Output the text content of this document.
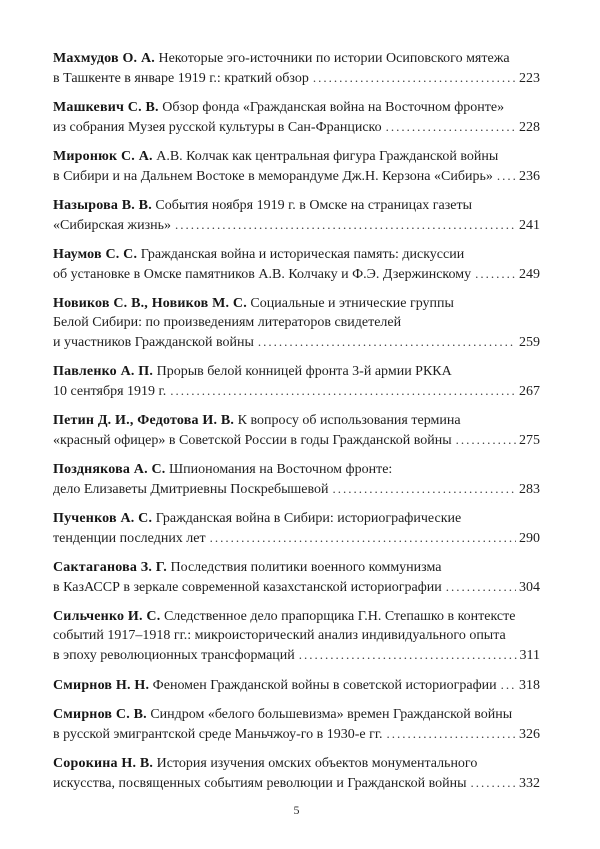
Махмудов О. А. Некоторые эго-источники по истории Осиповского мятежа
в Ташкенте в январе 1919 г.: краткий обзор .....	223
Машкевич С. В. Обзор фонда «Гражданская война на Восточном фронте»
из собрания Музея русской культуры в Сан-Франциско .....	228
Миронюк С. А. А.В. Колчак как центральная фигура Гражданской войны
в Сибири и на Дальнем Востоке в меморандуме Дж.Н. Керзона «Сибирь» ..... 236
Назырова В. В. События ноября 1919 г. в Омске на страницах газеты
«Сибирская жизнь» .....	241
Наумов С. С. Гражданская война и историческая память: дискуссии
об установке в Омске памятников А.В. Колчаку и Ф.Э. Дзержинскому .....	249
Новиков С. В., Новиков М. С. Социальные и этнические группы
Белой Сибири: по произведениям литераторов свидетелей
и участников Гражданской войны .....	259
Павленко А. П. Прорыв белой конницей фронта 3-й армии РККА
10 сентября 1919 г. .....	267
Петин Д. И., Федотова И. В. К вопросу об использования термина
«красный офицер» в Советской России в годы Гражданской войны .....	275
Позднякова А. С. Шпиономания на Восточном фронте:
дело Елизаветы Дмитриевны Поскребышевой .....	283
Пученков А. С. Гражданская война в Сибири: историографические
тенденции последних лет .....	290
Сактаганова З. Г. Последствия политики военного коммунизма
в КазАССР в зеркале современной казахстанской историографии .....	304
Сильченко И. С. Следственное дело прапорщика Г.Н. Степашко в контексте
событий 1917–1918 гг.: микроисторический анализ индивидуального опыта
в эпоху революционных трансформаций .....	311
Смирнов Н. Н.
Феномен Гражданской войны в советской историографии ..... 318
Смирнов С. В. Синдром «белого большевизма» времен Гражданской войны
в русской эмигрантской среде Маньчжоу-го в 1930-е гг. .....	326
Сорокина Н. В. История изучения омских объектов монументального
искусства, посвященных событиям революции и Гражданской войны .....	332
5
